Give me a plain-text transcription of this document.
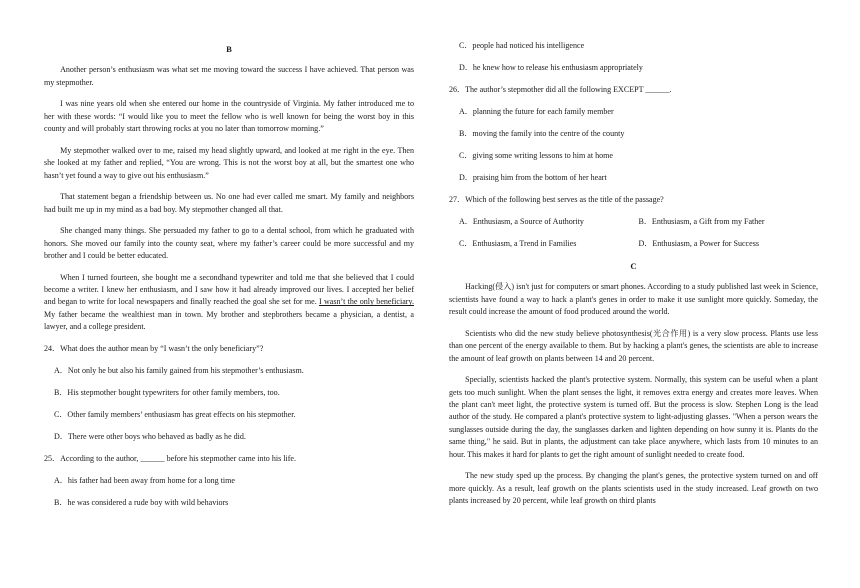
B

Another person’s enthusiasm was what set me moving toward the success I have achieved. That person was my stepmother.

I was nine years old when she entered our home in the countryside of Virginia. My father introduced me to her with these words: “I would like you to meet the fellow who is well known for being the worst boy in this county and will probably start throwing rocks at you no later than tomorrow morning.”

My stepmother walked over to me, raised my head slightly upward, and looked at me right in the eye. Then she looked at my father and replied, “You are wrong. This is not the worst boy at all, but the smartest one who hasn’t yet found a way to give out his enthusiasm.”

That statement began a friendship between us. No one had ever called me smart. My family and neighbors had built me up in my mind as a bad boy. My stepmother changed all that.

She changed many things. She persuaded my father to go to a dental school, from which he graduated with honors. She moved our family into the county seat, where my father’s career could be more successful and my brother and I could be better educated.

When I turned fourteen, she bought me a secondhand typewriter and told me that she believed that I could become a writer. I knew her enthusiasm, and I saw how it had already improved our lives. I accepted her belief and began to write for local newspapers and finally reached the goal she set for me. I wasn’t the only beneficiary. My father became the wealthiest man in town. My brother and stepbrothers became a physician, a dentist, a lawyer, and a college president.

24．What does the author mean by “I wasn’t the only beneficiary”?
A．Not only he but also his family gained from his stepmother’s enthusiasm.
B．His stepmother bought typewriters for other family members, too.
C．Other family members’ enthusiasm has great effects on his stepmother.
D．There were other boys who behaved as badly as he did.
25．According to the author, ______ before his stepmother came into his life.
A．his father had been away from home for a long time
B．he was considered a rude boy with wild behaviors
C．people had noticed his intelligence
D．he knew how to release his enthusiasm appropriately
26．The author’s stepmother did all the following EXCEPT ______.
A．planning the future for each family member
B．moving the family into the centre of the county
C．giving some writing lessons to him at home
D．praising him from the bottom of her heart
27．Which of the following best serves as the title of the passage?
A．Enthusiasm, a Source of Authority	B．Enthusiasm, a Gift from my Father
C．Enthusiasm, a Trend in Families	D．Enthusiasm, a Power for Success
C

Hacking(侵入) isn't just for computers or smart phones. According to a study published last week in Science, scientists have found a way to hack a plant's genes in order to make it use sunlight more quickly. Someday, the result could increase the amount of food produced around the world.

Scientists who did the new study believe photosynthesis(光合作用) is a very slow process. Plants use less than one percent of the energy available to them. But by hacking a plant's genes, the scientists are able to increase the amount of leaf growth on plants between 14 and 20 percent.

Specially, scientists hacked the plant's protective system. Normally, this system can be useful when a plant gets too much sunlight. When the plant senses the light, it removes extra energy and creates more leaves. When the plant can't meet light, the protective system is turned off. But the process is slow. Stephen Long is the lead author of the study. He compared a plant's protective system to light-adjusting glasses. "When a person wears the sunglasses outside during the day, the sunglasses darken and lighten depending on how sunny it is. Plants do the same thing," he said. But in plants, the adjustment can take place anywhere, which lasts from 10 minutes to an hour. This makes it hard for plants to get the right amount of sunlight needed to create food.

The new study sped up the process. By changing the plant's genes, the protective system turned on and off more quickly. As a result, leaf growth on the plants scientists used in the study increased. Leaf growth on two plants increased by 20 percent, while leaf growth on third plants
